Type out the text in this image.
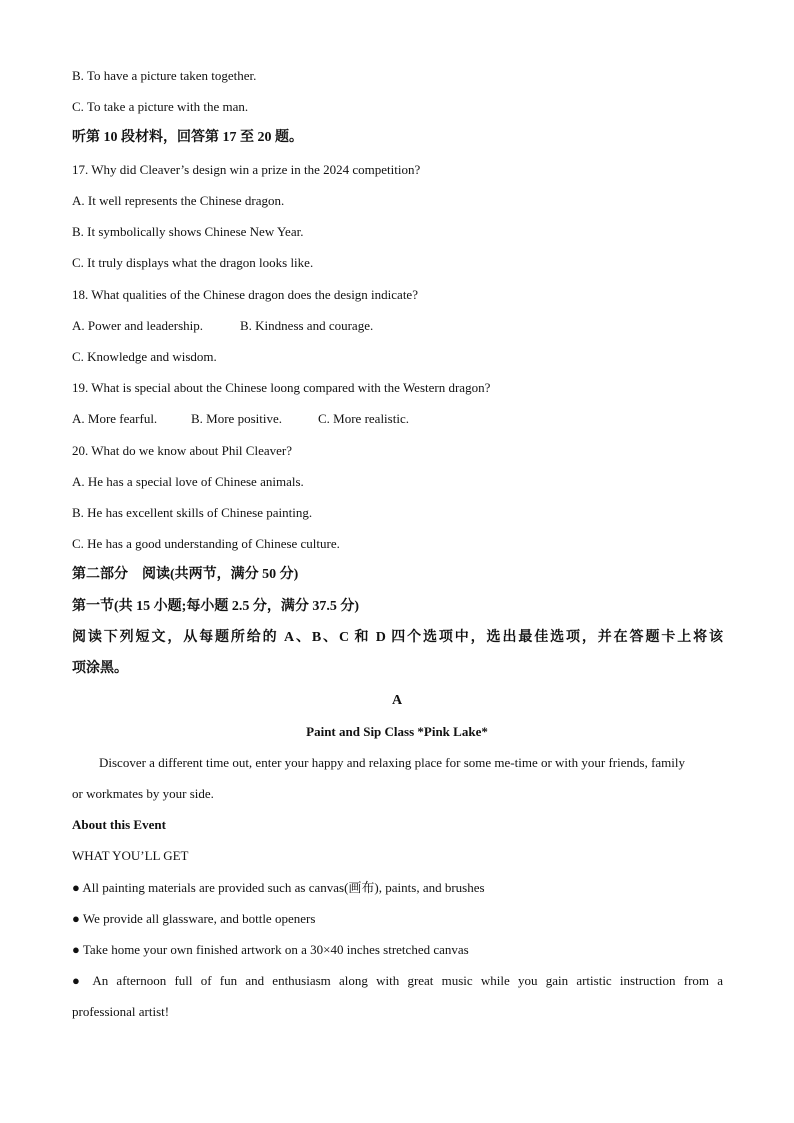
B. To have a picture taken together.
C. To take a picture with the man.
听第 10 段材料，回答第 17 至 20 题。
17. Why did Cleaver’s design win a prize in the 2024 competition?
A. It well represents the Chinese dragon.
B. It symbolically shows Chinese New Year.
C. It truly displays what the dragon looks like.
18. What qualities of the Chinese dragon does the design indicate?
A. Power and leadership.	B. Kindness and courage.
C. Knowledge and wisdom.
19. What is special about the Chinese loong compared with the Western dragon?
A. More fearful.	B. More positive.	C. More realistic.
20. What do we know about Phil Cleaver?
A. He has a special love of Chinese animals.
B. He has excellent skills of Chinese painting.
C. He has a good understanding of Chinese culture.
第二部分　阅读(共两节，满分 50 分)
第一节(共 15 小题;每小题 2.5 分，满分 37.5 分)
阅读下列短文，从每题所给的 A、B、C 和 D 四个选项中，选出最佳选项，并在答题卡上将该
项涂黑。
A
Paint and Sip Class *Pink Lake*
Discover a different time out, enter your happy and relaxing place for some me-time or with your friends, family
or workmates by your side.
About this Event
WHAT YOU’LL GET
● All painting materials are provided such as canvas(画布), paints, and brushes
● We provide all glassware, and bottle openers
● Take home your own finished artwork on a 30×40 inches stretched canvas
● An afternoon full of fun and enthusiasm along with great music while you gain artistic instruction from a
professional artist!
